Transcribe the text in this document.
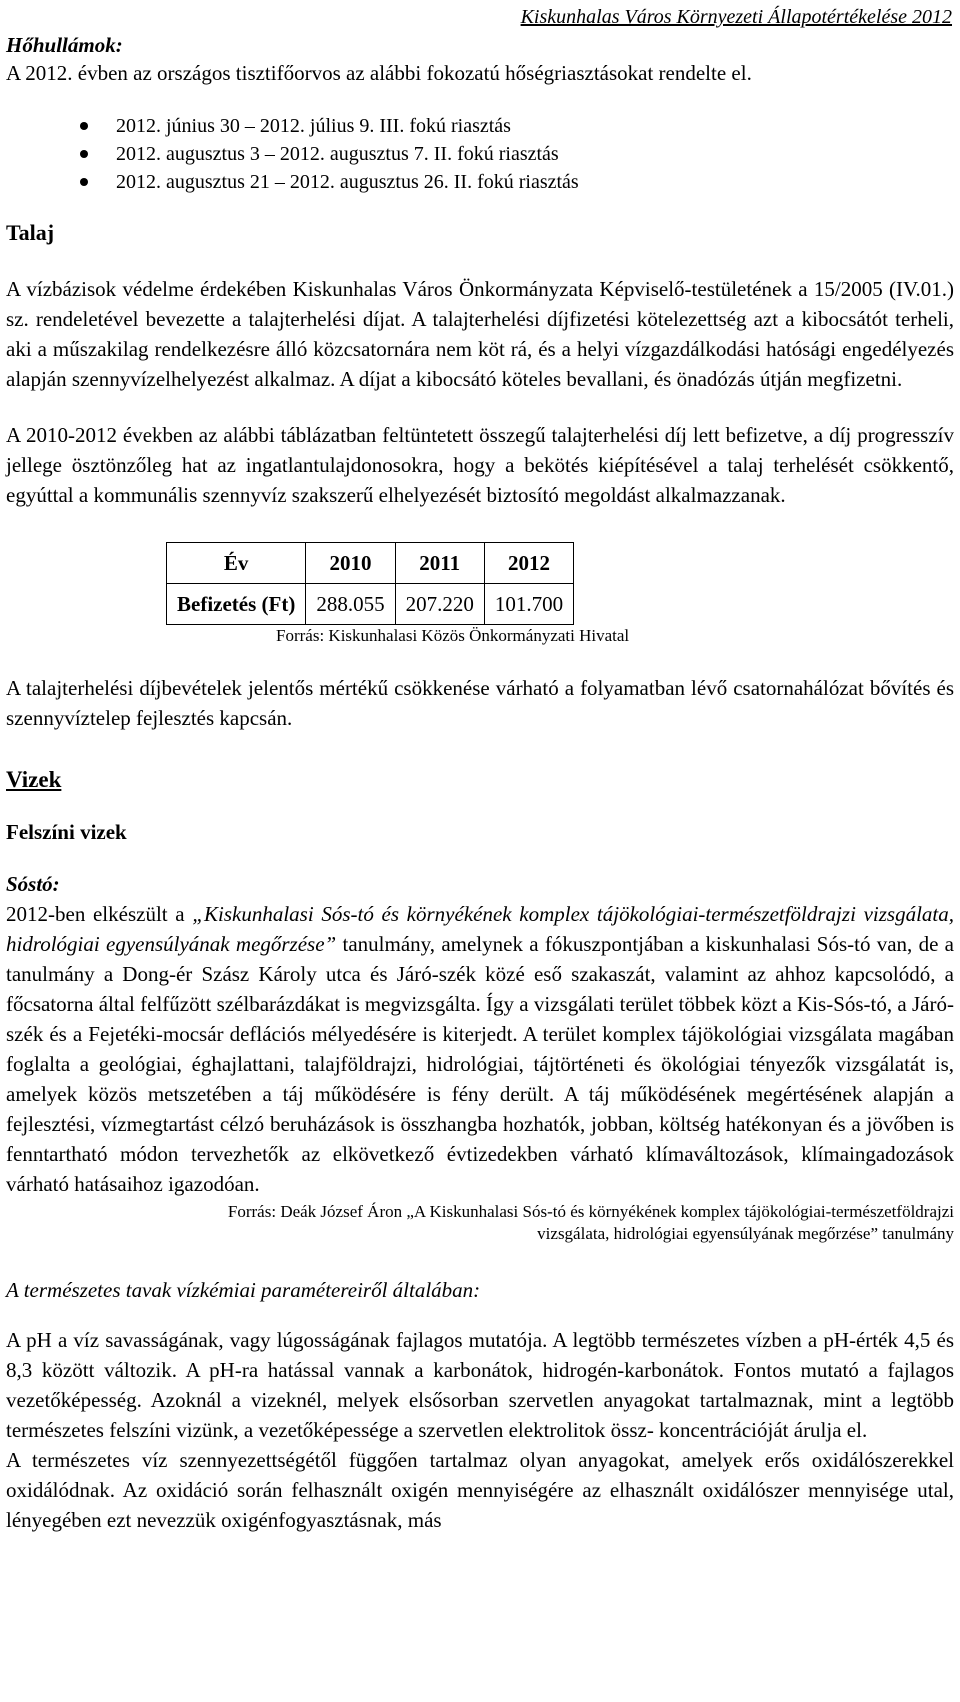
Kiskunhalas Város Környezeti Állapotértékelése 2012
Hőhullámok:
A 2012. évben az országos tisztifőorvos az alábbi fokozatú hőségriasztásokat rendelte el.
2012. június 30 – 2012. július 9. III. fokú riasztás
2012. augusztus 3 – 2012. augusztus 7. II. fokú riasztás
2012. augusztus 21 – 2012. augusztus 26. II. fokú riasztás
Talaj

A vízbázisok védelme érdekében Kiskunhalas Város Önkormányzata Képviselő-testületének a 15/2005 (IV.01.) sz. rendeletével bevezette a talajterhelési díjat. A talajterhelési díjfizetési kötelezettség azt a kibocsátót terheli, aki a műszakilag rendelkezésre álló közcsatornára nem köt rá, és a helyi vízgazdálkodási hatósági engedélyezés alapján szennyvízelhelyezést alkalmaz. A díjat a kibocsátó köteles bevallani, és önadózás útján megfizetni.

A 2010-2012 években az alábbi táblázatban feltüntetett összegű talajterhelési díj lett befizetve, a díj progresszív jellege ösztönzőleg hat az ingatlantulajdonosokra, hogy a bekötés kiépítésével a talaj terhelését csökkentő, egyúttal a kommunális szennyvíz szakszerű elhelyezését biztosító megoldást alkalmazzanak.

Év	2010	2011	2012
Befizetés (Ft)	288.055	207.220	101.700
Forrás: Kiskunhalasi Közös Önkormányzati Hivatal

A talajterhelési díjbevételek jelentős mértékű csökkenése várható a folyamatban lévő csatornahálózat bővítés és szennyvíztelep fejlesztés kapcsán.

Vizek
Felszíni vizek
Sóstó:

2012-ben elkészült a „Kiskunhalasi Sós-tó és környékének komplex tájökológiai-természetföldrajzi vizsgálata, hidrológiai egyensúlyának megőrzése” tanulmány, amelynek a fókuszpontjában a kiskunhalasi Sós-tó van, de a tanulmány a Dong-ér Szász Károly utca és Járó-szék közé eső szakaszát, valamint az ahhoz kapcsolódó, a főcsatorna által felfűzött szélbarázdákat is megvizsgálta. Így a vizsgálati terület többek közt a Kis-Sós-tó, a Járó-szék és a Fejetéki-mocsár deflációs mélyedésére is kiterjedt. A terület komplex tájökológiai vizsgálata magában foglalta a geológiai, éghajlattani, talajföldrajzi, hidrológiai, tájtörténeti és ökológiai tényezők vizsgálatát is, amelyek közös metszetében a táj működésére is fény derült. A táj működésének megértésének alapján a fejlesztési, vízmegtartást célzó beruházások is összhangba hozhatók, jobban, költség hatékonyan és a jövőben is fenntartható módon tervezhetők az elkövetkező évtizedekben várható klímaváltozások, klímaingadozások várható hatásaihoz igazodóan.

Forrás: Deák József Áron „A Kiskunhalasi Sós-tó és környékének komplex tájökológiai-természetföldrajzi
vizsgálata, hidrológiai egyensúlyának megőrzése” tanulmány
A természetes tavak vízkémiai paramétereiről általában:

A pH a víz savasságának, vagy lúgosságának fajlagos mutatója. A legtöbb természetes vízben a pH-érték 4,5 és 8,3 között változik. A pH-ra hatással vannak a karbonátok, hidrogén-karbonátok. Fontos mutató a fajlagos vezetőképesség. Azoknál a vizeknél, melyek elsősorban szervetlen anyagokat tartalmaznak, mint a legtöbb természetes felszíni vizünk, a vezetőképessége a szervetlen elektrolitok össz- koncentrációját árulja el.

A természetes víz szennyezettségétől függően tartalmaz olyan anyagokat, amelyek erős oxidálószerekkel oxidálódnak. Az oxidáció során felhasznált oxigén mennyiségére az elhasznált oxidálószer mennyisége utal, lényegében ezt nevezzük oxigénfogyasztásnak, más
